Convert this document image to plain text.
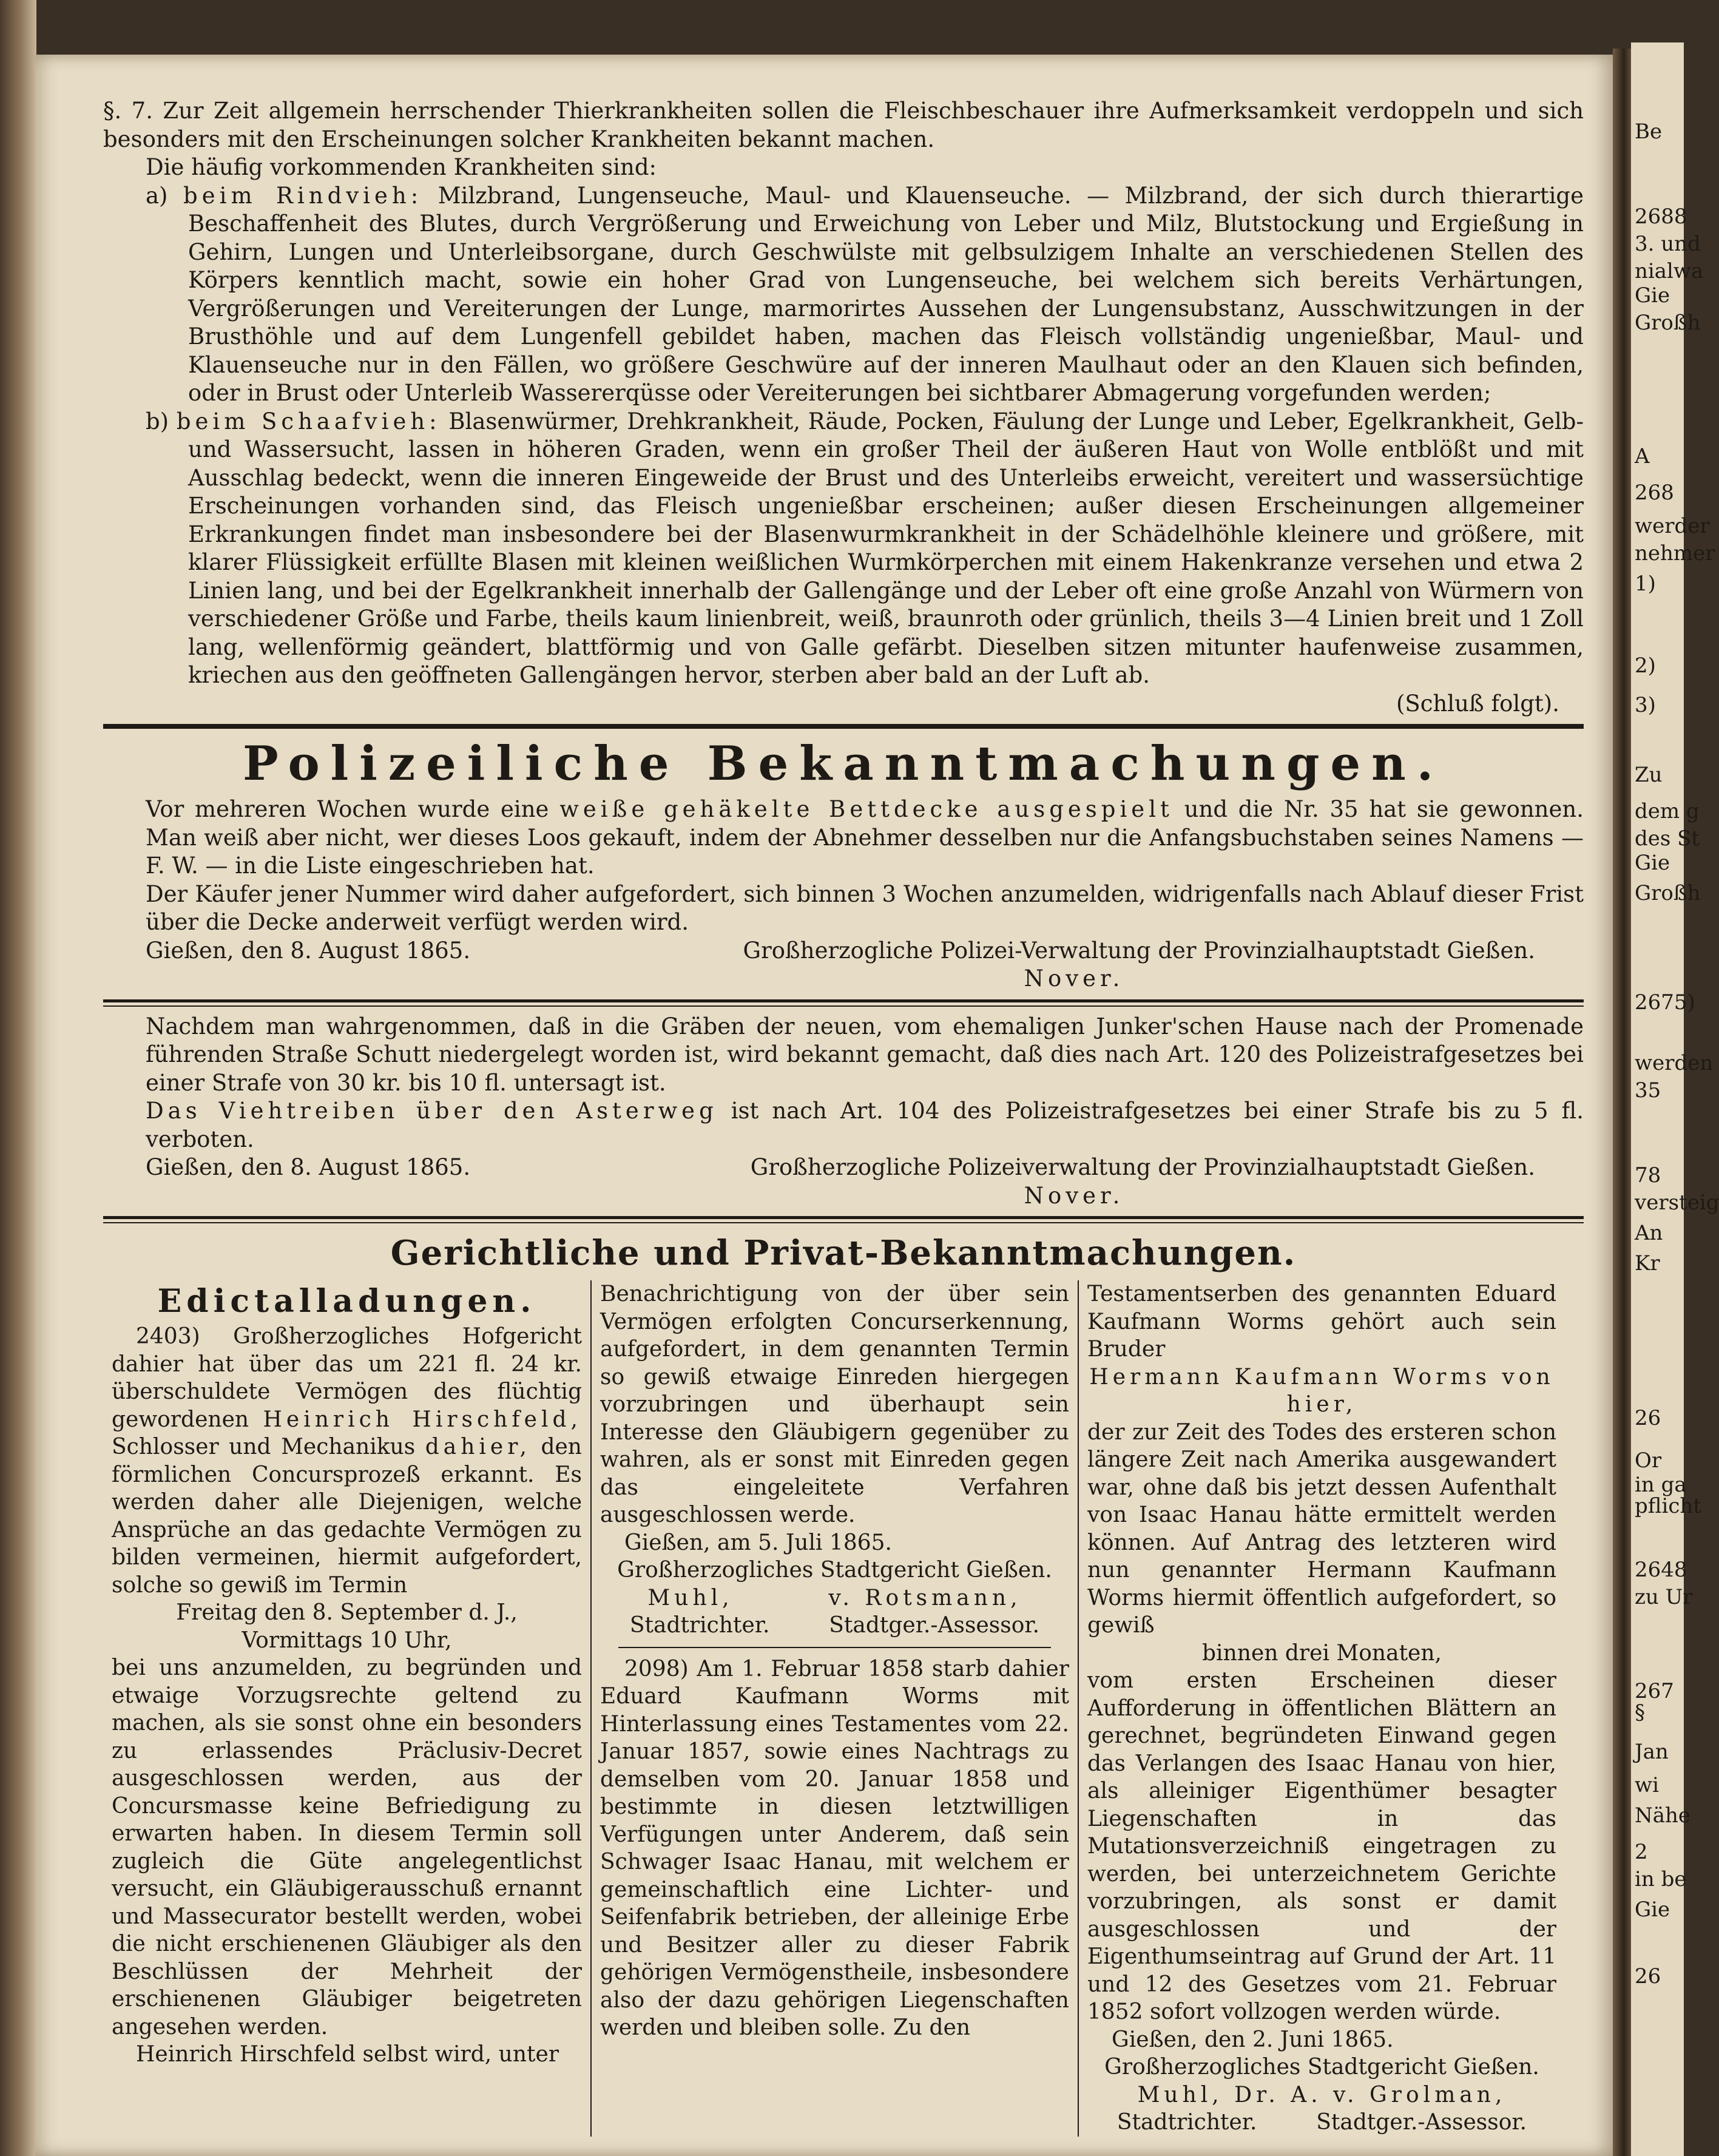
Be
2688
3. und
nialwa
Gie
Großh
A
268
werder
nehmer
1)
2)
3)
Zu
dem g
des St
Gie
Großh
2675)
werden
35
78
versteig
An
Kr
26
Or
in ga
pflicht
2648
zu Ur
267
§
Jan
wi
Nähe
2
in be
Gie
26

§. 7. Zur Zeit allgemein herrschender Thierkrankheiten sollen die Fleischbeschauer ihre Aufmerksamkeit verdoppeln und sich besonders mit den Erscheinungen solcher Krankheiten bekannt machen.

Die häufig vorkommenden Krankheiten sind:

a) beim Rindvieh: Milzbrand, Lungenseuche, Maul- und Klauenseuche. — Milzbrand, der sich durch thierartige Beschaffenheit des Blutes, durch Vergrößerung und Erweichung von Leber und Milz, Blutstockung und Ergießung in Gehirn, Lungen und Unterleibsorgane, durch Geschwülste mit gelbsulzigem Inhalte an verschiedenen Stellen des Körpers kenntlich macht, sowie ein hoher Grad von Lungenseuche, bei welchem sich bereits Verhärtungen, Vergrößerungen und Vereiterungen der Lunge, marmorirtes Aussehen der Lungensubstanz, Ausschwitzungen in der Brusthöhle und auf dem Lungenfell gebildet haben, machen das Fleisch vollständig ungenießbar, Maul- und Klauenseuche nur in den Fällen, wo größere Geschwüre auf der inneren Maulhaut oder an den Klauen sich befinden, oder in Brust oder Unterleib Wassererqüsse oder Vereiterungen bei sichtbarer Abmagerung vorgefunden werden;

b) beim Schaafvieh: Blasenwürmer, Drehkrankheit, Räude, Pocken, Fäulung der Lunge und Leber, Egelkrankheit, Gelb- und Wassersucht, lassen in höheren Graden, wenn ein großer Theil der äußeren Haut von Wolle entblößt und mit Ausschlag bedeckt, wenn die inneren Eingeweide der Brust und des Unterleibs erweicht, vereitert und wassersüchtige Erscheinungen vorhanden sind, das Fleisch ungenießbar erscheinen; außer diesen Erscheinungen allgemeiner Erkrankungen findet man insbesondere bei der Blasenwurmkrankheit in der Schädelhöhle kleinere und größere, mit klarer Flüssigkeit erfüllte Blasen mit kleinen weißlichen Wurmkörperchen mit einem Hakenkranze versehen und etwa 2 Linien lang, und bei der Egelkrankheit innerhalb der Gallengänge und der Leber oft eine große Anzahl von Würmern von verschiedener Größe und Farbe, theils kaum linienbreit, weiß, braunroth oder grünlich, theils 3—4 Linien breit und 1 Zoll lang, wellenförmig geändert, blattförmig und von Galle gefärbt. Dieselben sitzen mitunter haufenweise zusammen, kriechen aus den geöffneten Gallengängen hervor, sterben aber bald an der Luft ab.

(Schluß folgt).

Polizeiliche Bekanntmachungen.

Vor mehreren Wochen wurde eine weiße gehäkelte Bettdecke ausgespielt und die Nr. 35 hat sie gewonnen. Man weiß aber nicht, wer dieses Loos gekauft, indem der Abnehmer desselben nur die Anfangsbuchstaben seines Namens — F. W. — in die Liste eingeschrieben hat.

Der Käufer jener Nummer wird daher aufgefordert, sich binnen 3 Wochen anzumelden, widrigenfalls nach Ablauf dieser Frist über die Decke anderweit verfügt werden wird.

Gießen, den 8. August 1865.	Großherzogliche Polizei-Verwaltung der Provinzialhauptstadt Gießen.
Nover.

Nachdem man wahrgenommen, daß in die Gräben der neuen, vom ehemaligen Junker'schen Hause nach der Promenade führenden Straße Schutt niedergelegt worden ist, wird bekannt gemacht, daß dies nach Art. 120 des Polizeistrafgesetzes bei einer Strafe von 30 kr. bis 10 fl. untersagt ist.

Das Viehtreiben über den Asterweg ist nach Art. 104 des Polizeistrafgesetzes bei einer Strafe bis zu 5 fl. verboten.

Gießen, den 8. August 1865.	Großherzogliche Polizeiverwaltung der Provinzialhauptstadt Gießen.
Nover.
Gerichtliche und Privat-Bekanntmachungen.
Edictalladungen.

2403) Großherzogliches Hofgericht dahier hat über das um 221 fl. 24 kr. überschuldete Vermögen des flüchtig gewordenen Heinrich Hirschfeld, Schlosser und Mechanikus dahier, den förmlichen Concursprozeß erkannt. Es werden daher alle Diejenigen, welche Ansprüche an das gedachte Vermögen zu bilden vermeinen, hiermit aufgefordert, solche so gewiß im Termin

Freitag den 8. September d. J.,
Vormittags 10 Uhr,

bei uns anzumelden, zu begründen und etwaige Vorzugsrechte geltend zu machen, als sie sonst ohne ein besonders zu erlassendes Präclusiv-Decret ausgeschlossen werden, aus der Concursmasse keine Befriedigung zu erwarten haben. In diesem Termin soll zugleich die Güte angelegentlichst versucht, ein Gläubigerausschuß ernannt und Massecurator bestellt werden, wobei die nicht erschienenen Gläubiger als den Beschlüssen der Mehrheit der erschienenen Gläubiger beigetreten angesehen werden.

Heinrich Hirschfeld selbst wird, unter

Benachrichtigung von der über sein Vermögen erfolgten Concurserkennung, aufgefordert, in dem genannten Termin so gewiß etwaige Einreden hiergegen vorzubringen und überhaupt sein Interesse den Gläubigern gegenüber zu wahren, als er sonst mit Einreden gegen das eingeleitete Verfahren ausgeschlossen werde.

Gießen, am 5. Juli 1865.

Großherzogliches Stadtgericht Gießen.
Muhl,	v. Rotsmann,
Stadtrichter.	Stadtger.-Assessor.

2098) Am 1. Februar 1858 starb dahier Eduard Kaufmann Worms mit Hinterlassung eines Testamentes vom 22. Januar 1857, sowie eines Nachtrags zu demselben vom 20. Januar 1858 und bestimmte in diesen letztwilligen Verfügungen unter Anderem, daß sein Schwager Isaac Hanau, mit welchem er gemeinschaftlich eine Lichter- und Seifenfabrik betrieben, der alleinige Erbe und Besitzer aller zu dieser Fabrik gehörigen Vermögenstheile, insbesondere also der dazu gehörigen Liegenschaften werden und bleiben solle. Zu den

Testamentserben des genannten Eduard Kaufmann Worms gehört auch sein Bruder

Hermann Kaufmann Worms von hier,

der zur Zeit des Todes des ersteren schon längere Zeit nach Amerika ausgewandert war, ohne daß bis jetzt dessen Aufenthalt von Isaac Hanau hätte ermittelt werden können. Auf Antrag des letzteren wird nun genannter Hermann Kaufmann Worms hiermit öffentlich aufgefordert, so gewiß

binnen drei Monaten,

vom ersten Erscheinen dieser Aufforderung in öffentlichen Blättern an gerechnet, begründeten Einwand gegen das Verlangen des Isaac Hanau von hier, als alleiniger Eigenthümer besagter Liegenschaften in das Mutationsverzeichniß eingetragen zu werden, bei unterzeichnetem Gerichte vorzubringen, als sonst er damit ausgeschlossen und der Eigenthumseintrag auf Grund der Art. 11 und 12 des Gesetzes vom 21. Februar 1852 sofort vollzogen werden würde.

Gießen, den 2. Juni 1865.

Großherzogliches Stadtgericht Gießen.
Muhl, Dr. A. v. Grolman,
Stadtrichter.	Stadtger.-Assessor.
